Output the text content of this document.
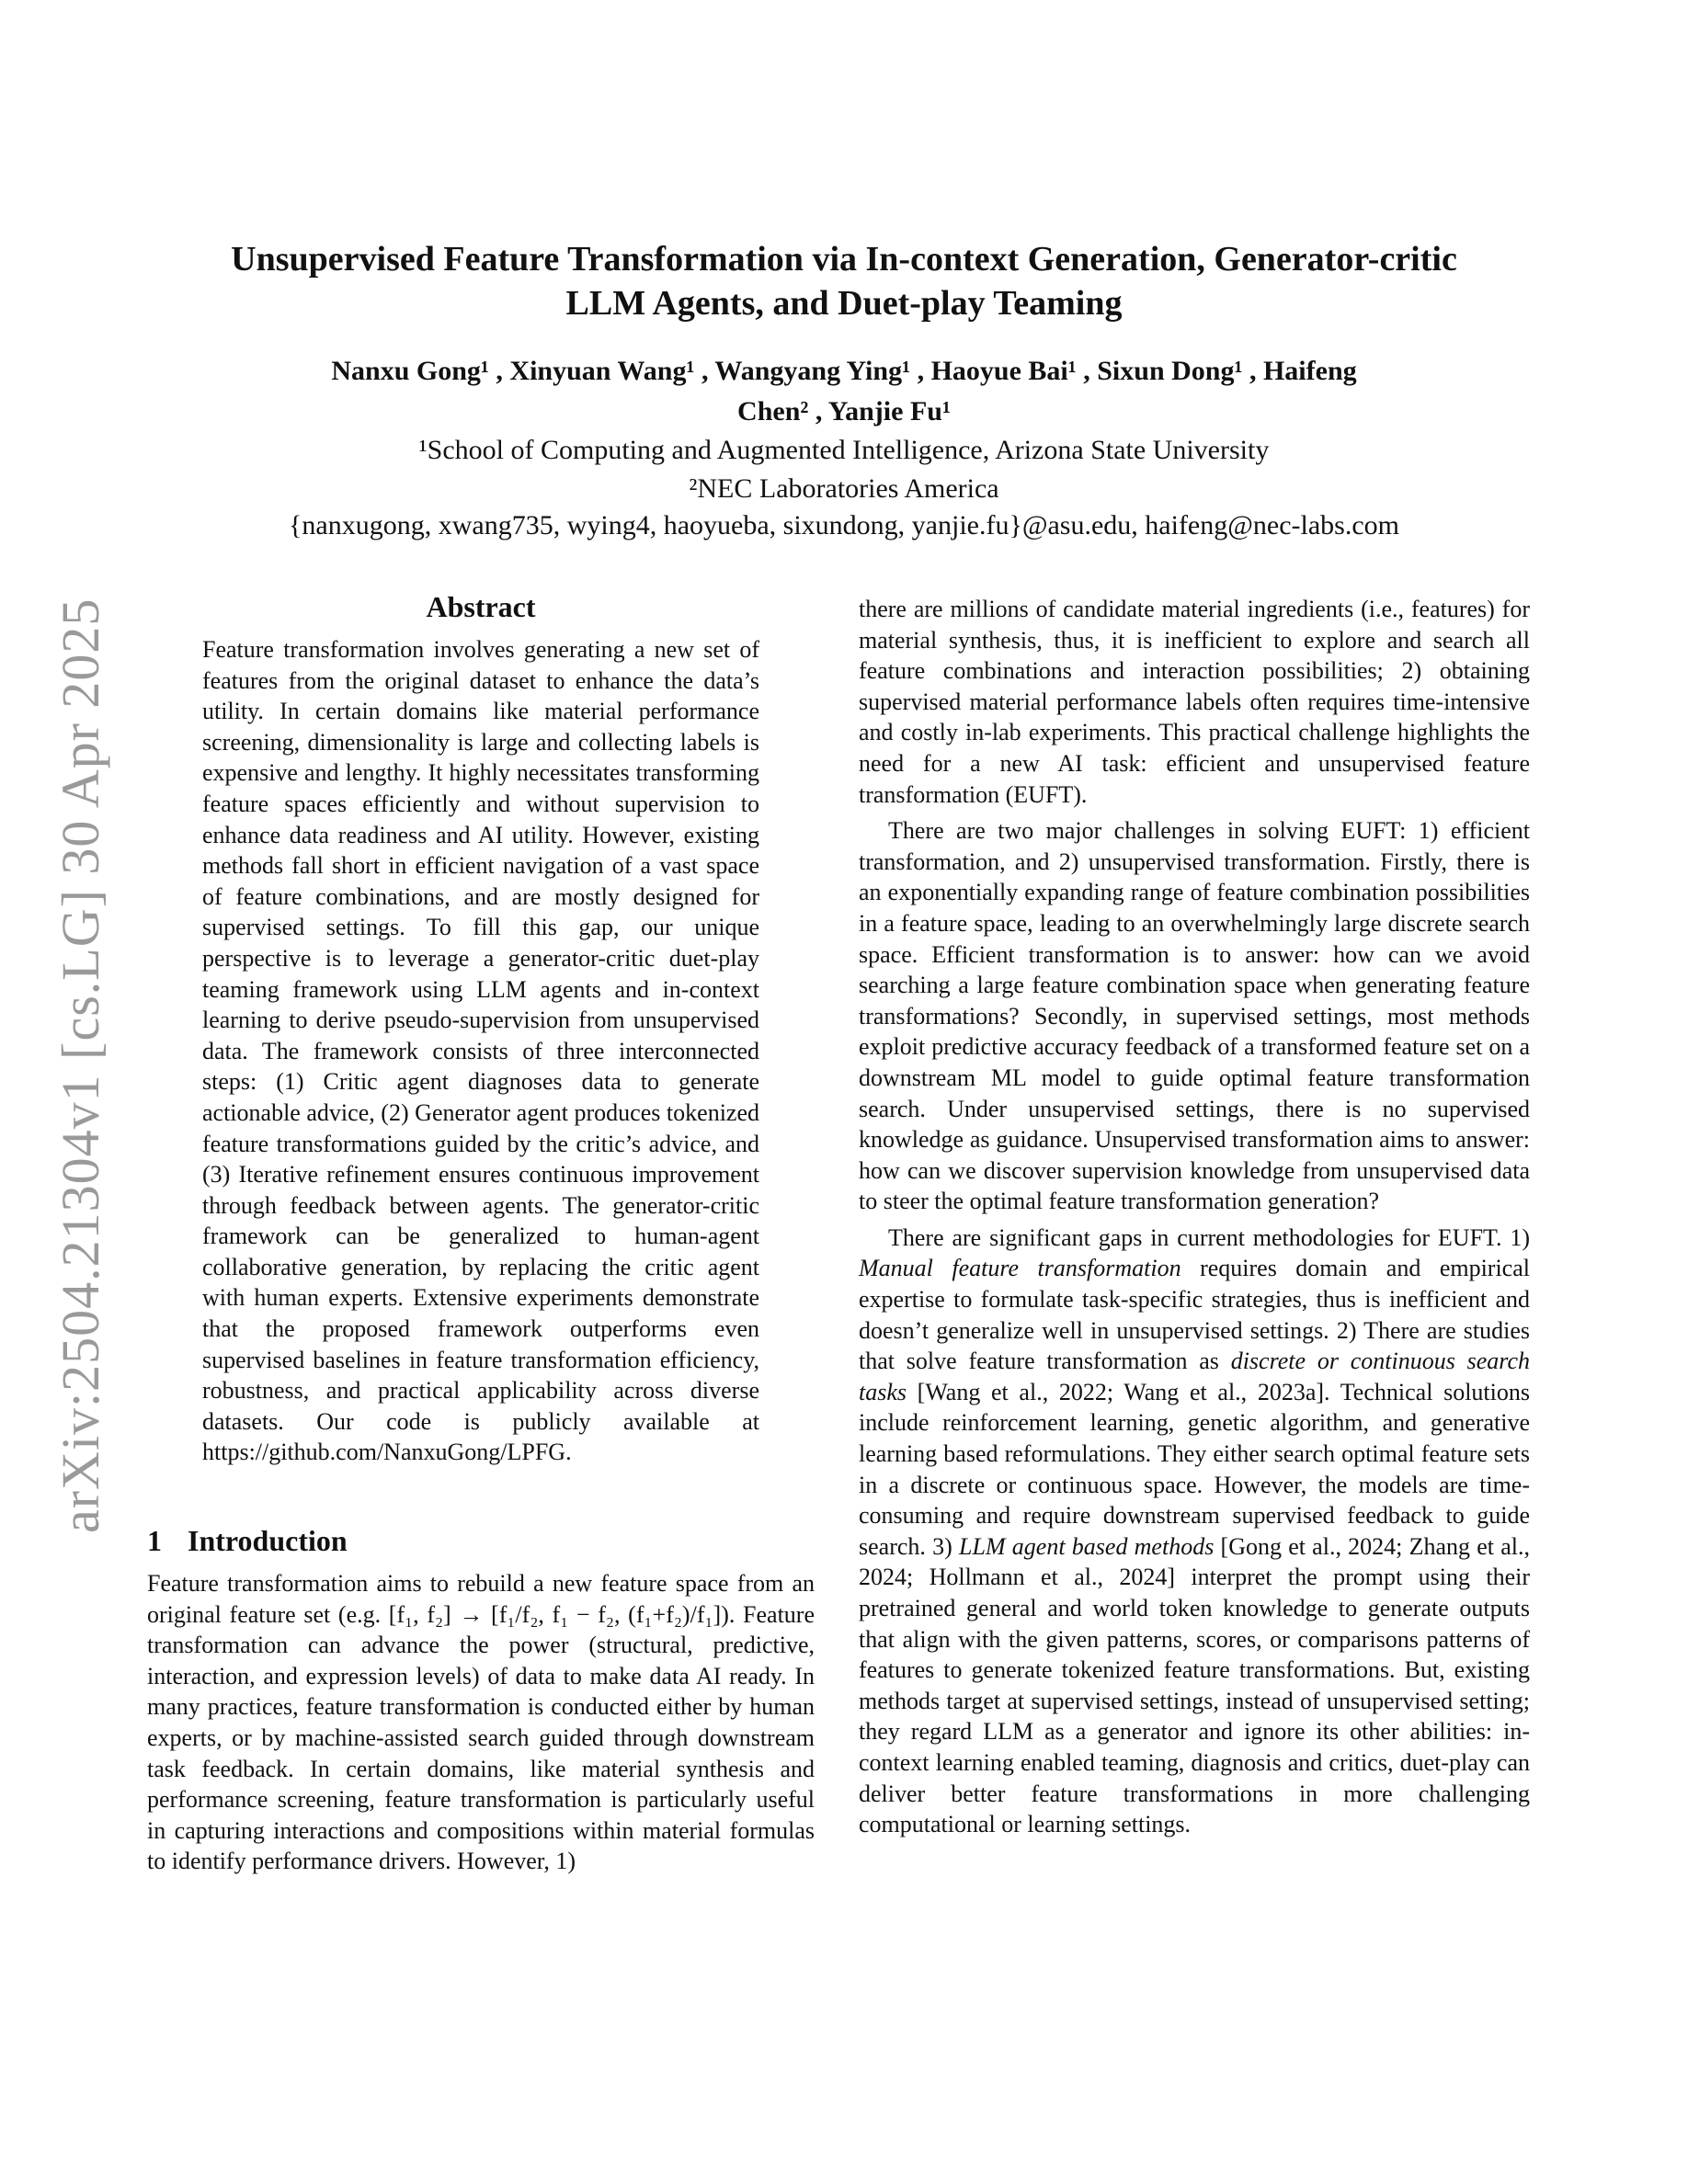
Unsupervised Feature Transformation via In-context Generation, Generator-critic
LLM Agents, and Duet-play Teaming
Nanxu Gong¹ , Xinyuan Wang¹ , Wangyang Ying¹ , Haoyue Bai¹ , Sixun Dong¹ , Haifeng
Chen² , Yanjie Fu¹
¹School of Computing and Augmented Intelligence, Arizona State University
²NEC Laboratories America
{nanxugong, xwang735, wying4, haoyueba, sixundong, yanjie.fu}@asu.edu, haifeng@nec-labs.com
arXiv:2504.21304v1 [cs.LG] 30 Apr 2025	Abstract

Feature transformation involves generating a new set of features from the original dataset to enhance the data’s utility. In certain domains like material performance screening, dimensionality is large and collecting labels is expensive and lengthy. It highly necessitates transforming feature spaces efficiently and without supervision to enhance data readiness and AI utility. However, existing methods fall short in efficient navigation of a vast space of feature combinations, and are mostly designed for supervised settings. To fill this gap, our unique perspective is to leverage a generator-critic duet-play teaming framework using LLM agents and in-context learning to derive pseudo-supervision from unsupervised data. The framework consists of three interconnected steps: (1) Critic agent diagnoses data to generate actionable advice, (2) Generator agent produces tokenized feature transformations guided by the critic’s advice, and (3) Iterative refinement ensures continuous improvement through feedback between agents. The generator-critic framework can be generalized to human-agent collaborative generation, by replacing the critic agent with human experts. Extensive experiments demonstrate that the proposed framework outperforms even supervised baselines in feature transformation efficiency, robustness, and practical applicability across diverse datasets. Our code is publicly available at https://github.com/NanxuGong/LPFG.

1 Introduction

Feature transformation aims to rebuild a new feature space from an original feature set (e.g. [f₁, f₂] → [f₁/f₂, f₁ − f₂, (f₁+f₂)/f₁]). Feature transformation can advance the power (structural, predictive, interaction, and expression levels) of data to make data AI ready. In many practices, feature transformation is conducted either by human experts, or by machine-assisted search guided through downstream task feedback. In certain domains, like material synthesis and performance screening, feature transformation is particularly useful in capturing interactions and compositions within material formulas to identify performance drivers. However, 1)

there are millions of candidate material ingredients (i.e., features) for material synthesis, thus, it is inefficient to explore and search all feature combinations and interaction possibilities; 2) obtaining supervised material performance labels often requires time-intensive and costly in-lab experiments. This practical challenge highlights the need for a new AI task: efficient and unsupervised feature transformation (EUFT).

There are two major challenges in solving EUFT: 1) efficient transformation, and 2) unsupervised transformation. Firstly, there is an exponentially expanding range of feature combination possibilities in a feature space, leading to an overwhelmingly large discrete search space. Efficient transformation is to answer: how can we avoid searching a large feature combination space when generating feature transformations? Secondly, in supervised settings, most methods exploit predictive accuracy feedback of a transformed feature set on a downstream ML model to guide optimal feature transformation search. Under unsupervised settings, there is no supervised knowledge as guidance. Unsupervised transformation aims to answer: how can we discover supervision knowledge from unsupervised data to steer the optimal feature transformation generation?

There are significant gaps in current methodologies for EUFT. 1) Manual feature transformation requires domain and empirical expertise to formulate task-specific strategies, thus is inefficient and doesn’t generalize well in unsupervised settings. 2) There are studies that solve feature transformation as discrete or continuous search tasks [Wang et al., 2022; Wang et al., 2023a]. Technical solutions include reinforcement learning, genetic algorithm, and generative learning based reformulations. They either search optimal feature sets in a discrete or continuous space. However, the models are time-consuming and require downstream supervised feedback to guide search. 3) LLM agent based methods [Gong et al., 2024; Zhang et al., 2024; Hollmann et al., 2024] interpret the prompt using their pretrained general and world token knowledge to generate outputs that align with the given patterns, scores, or comparisons patterns of features to generate tokenized feature transformations. But, existing methods target at supervised settings, instead of unsupervised setting; they regard LLM as a generator and ignore its other abilities: in-context learning enabled teaming, diagnosis and critics, duet-play can deliver better feature transformations in more challenging computational or learning settings.
